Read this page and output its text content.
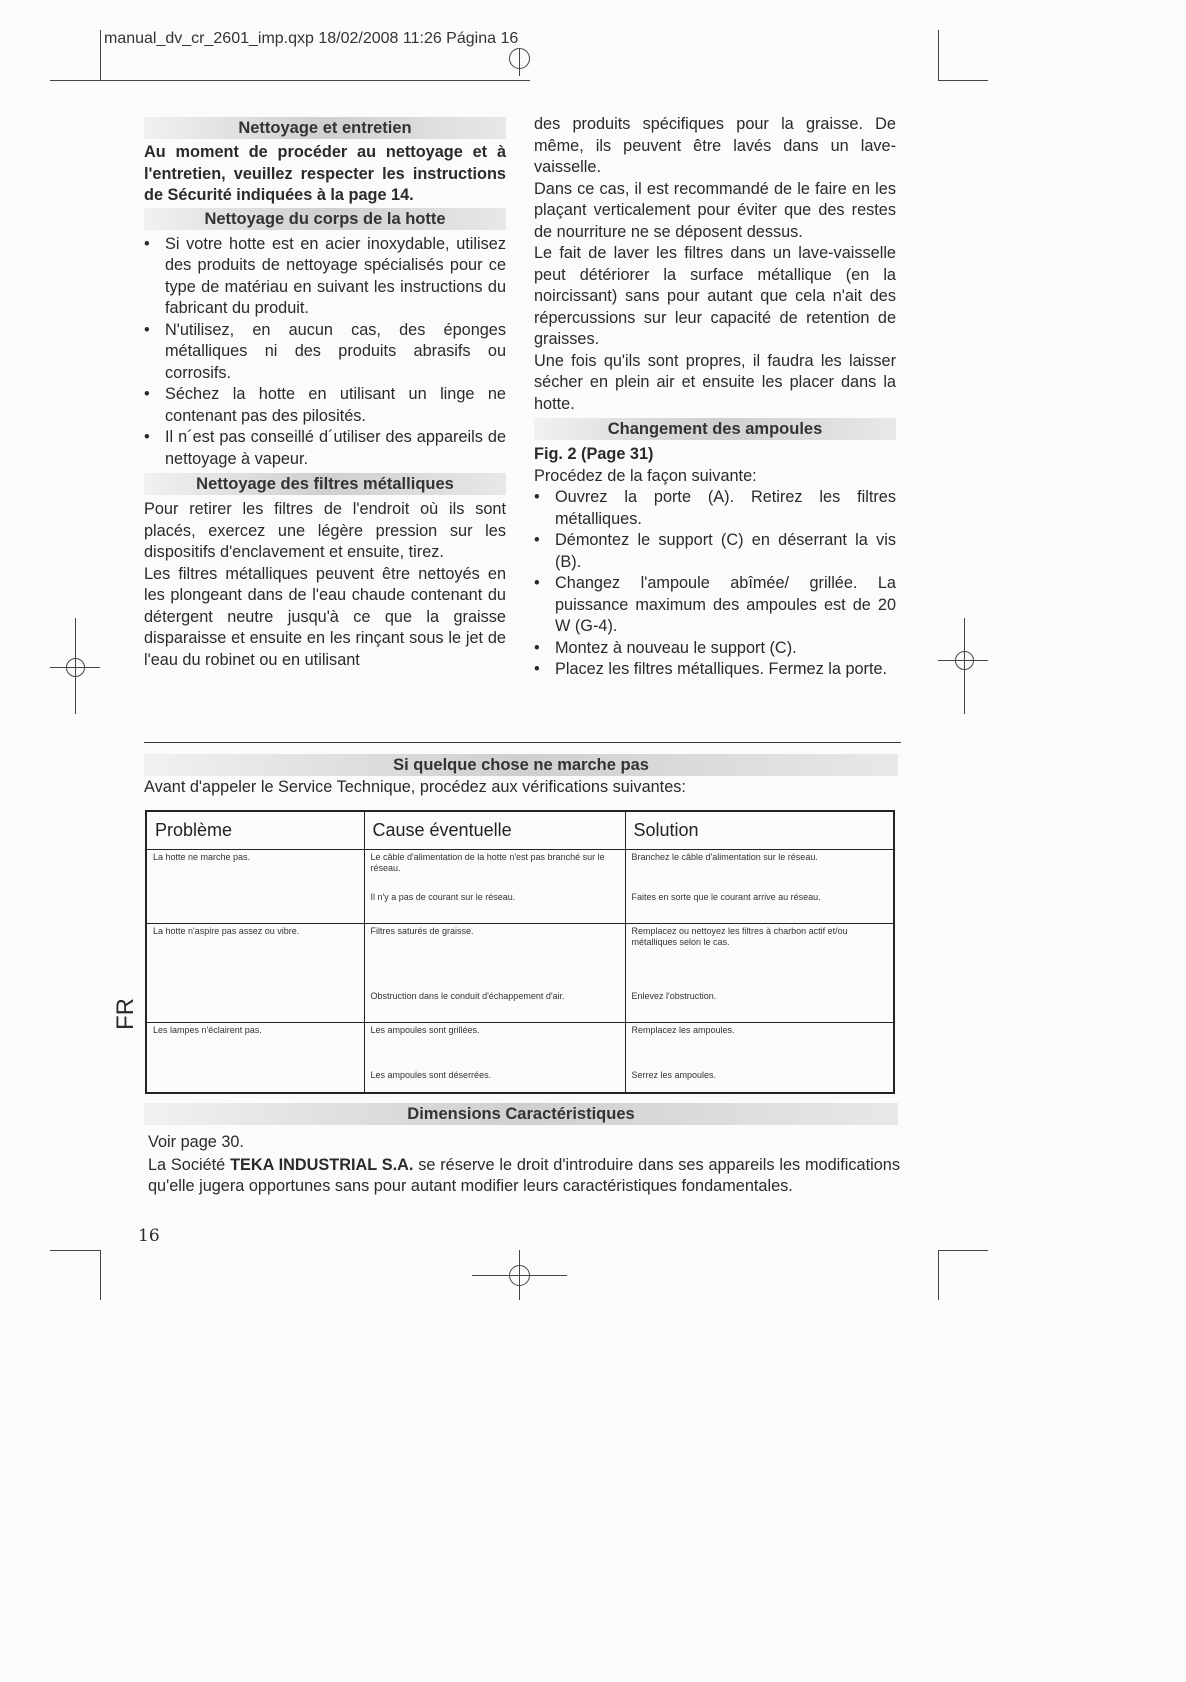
manual_dv_cr_2601_imp.qxp 18/02/2008 11:26 Página 16
Nettoyage et entretien

Au moment de procéder au nettoyage et à l'entretien, veuillez respecter les instructions de Sécurité indiquées à la page 14.

Nettoyage du corps de la hotte
• Si votre hotte est en acier inoxydable, utilisez des produits de nettoyage spécialisés pour ce type de matériau en suivant les instructions du fabricant du produit.
• N'utilisez, en aucun cas, des éponges métalliques ni des produits abrasifs ou corrosifs.
• Séchez la hotte en utilisant un linge ne contenant pas des pilosités.
• Il n´est pas conseillé d´utiliser des appareils de nettoyage à vapeur.
Nettoyage des filtres métalliques

Pour retirer les filtres de l'endroit où ils sont placés, exercez une légère pression sur les dispositifs d'enclavement et ensuite, tirez.

Les filtres métalliques peuvent être nettoyés en les plongeant dans de l'eau chaude contenant du détergent neutre jusqu'à ce que la graisse disparaisse et ensuite en les rinçant sous le jet de l'eau du robinet ou en utilisant

des produits spécifiques pour la graisse. De même, ils peuvent être lavés dans un lave-vaisselle.

Dans ce cas, il est recommandé de le faire en les plaçant verticalement pour éviter que des restes de nourriture ne se déposent dessus.

Le fait de laver les filtres dans un lave-vaisselle peut détériorer la surface métallique (en la noircissant) sans pour autant que cela n'ait des répercussions sur leur capacité de retention de graisses.

Une fois qu'ils sont propres, il faudra les laisser sécher en plein air et ensuite les placer dans la hotte.

Changement des ampoules

Fig. 2 (Page 31)

Procédez de la façon suivante:

• Ouvrez la porte (A). Retirez les filtres métalliques.
• Démontez le support (C) en déserrant la vis (B).
• Changez l'ampoule abîmée/ grillée. La puissance maximum des ampoules est de 20 W (G-4).
• Montez à nouveau le support (C).
• Placez les filtres métalliques. Fermez la porte.
Si quelque chose ne marche pas
Avant d'appeler le Service Technique, procédez aux vérifications suivantes:
Problème	Cause éventuelle	Solution
La hotte ne marche pas.	Le câble d'alimentation de la hotte n'est pas branché sur le réseau.	Branchez le câble d'alimentation sur le réseau.
	Il n'y a pas de courant sur le réseau.	Faites en sorte que le courant arrive au réseau.
La hotte n'aspire pas assez ou vibre.	Filtres saturés de graisse.	Remplacez ou nettoyez les filtres à charbon actif et/ou métalliques selon le cas.
	Obstruction dans le conduit d'échappement d'air.	Enlevez l'obstruction.
Les lampes n'éclairent pas.	Les ampoules sont grillées.	Remplacez les ampoules.
	Les ampoules sont déserrées.	Serrez les ampoules.
Dimensions Caractéristiques
Voir page 30.

La Société TEKA INDUSTRIAL S.A. se réserve le droit d'introduire dans ses appareils les modifications qu'elle jugera opportunes sans pour autant modifier leurs caractéristiques fondamentales.

16
FR
